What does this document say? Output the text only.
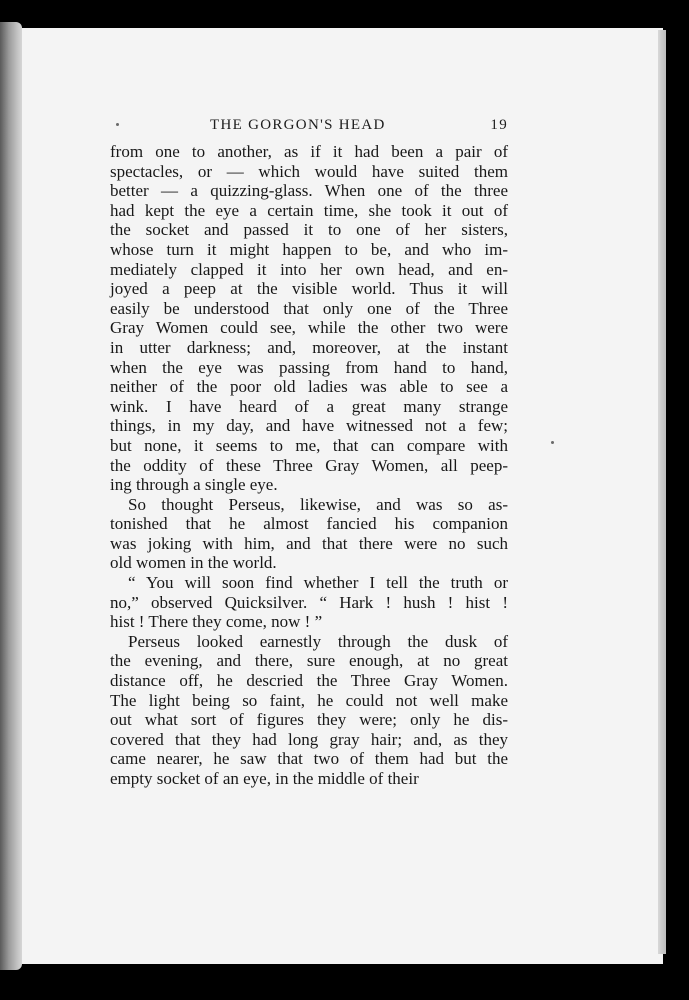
THE GORGON'S HEAD	19
from one to another, as if it had been a pair of
spectacles, or — which would have suited them
better — a quizzing-glass. When one of the three
had kept the eye a certain time, she took it out of
the socket and passed it to one of her sisters,
whose turn it might happen to be, and who im-
mediately clapped it into her own head, and en-
joyed a peep at the visible world. Thus it will
easily be understood that only one of the Three
Gray Women could see, while the other two were
in utter darkness; and, moreover, at the instant
when the eye was passing from hand to hand,
neither of the poor old ladies was able to see a
wink. I have heard of a great many strange
things, in my day, and have witnessed not a few;
but none, it seems to me, that can compare with
the oddity of these Three Gray Women, all peep-
ing through a single eye.
So thought Perseus, likewise, and was so as-
tonished that he almost fancied his companion
was joking with him, and that there were no such
old women in the world.
“ You will soon find whether I tell the truth or
no,” observed Quicksilver. “ Hark ! hush ! hist !
hist ! There they come, now ! ”
Perseus looked earnestly through the dusk of
the evening, and there, sure enough, at no great
distance off, he descried the Three Gray Women.
The light being so faint, he could not well make
out what sort of figures they were; only he dis-
covered that they had long gray hair; and, as they
came nearer, he saw that two of them had but the
empty socket of an eye, in the middle of their
